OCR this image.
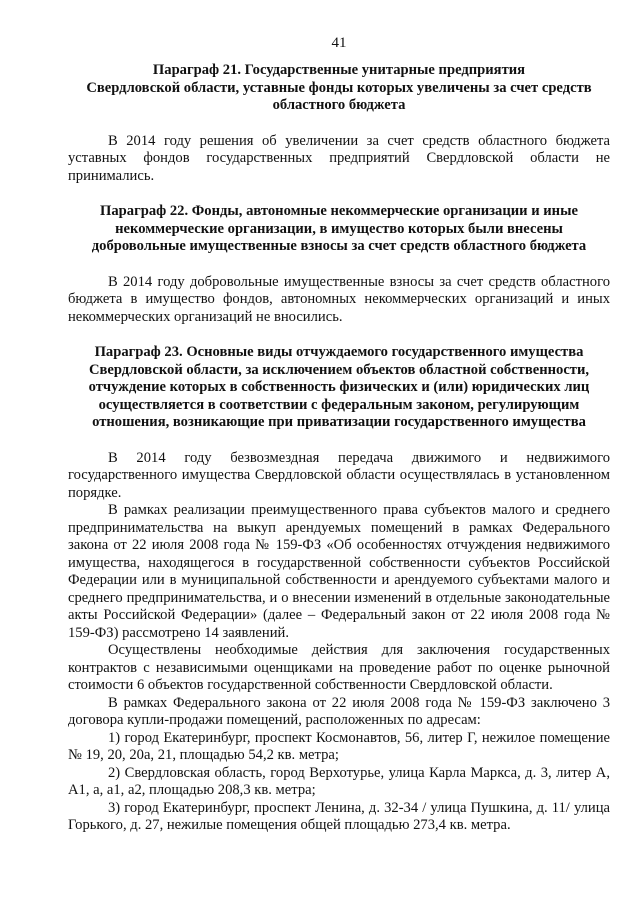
41

Параграф 21. Государственные унитарные предприятия
Свердловской области, уставные фонды которых увеличены за счет средств
областного бюджета

В 2014 году решения об увеличении за счет средств областного бюджета уставных фондов государственных предприятий Свердловской области не принимались.

Параграф 22. Фонды, автономные некоммерческие организации и иные
некоммерческие организации, в имущество которых были внесены
добровольные имущественные взносы за счет средств областного бюджета

В 2014 году добровольные имущественные взносы за счет средств областного бюджета в имущество фондов, автономных некоммерческих организаций и иных некоммерческих организаций не вносились.

Параграф 23. Основные виды отчуждаемого государственного имущества
Свердловской области, за исключением объектов областной собственности,
отчуждение которых в собственность физических и (или) юридических лиц
осуществляется в соответствии с федеральным законом, регулирующим
отношения, возникающие при приватизации государственного имущества

В 2014 году безвозмездная передача движимого и недвижимого государственного имущества Свердловской области осуществлялась в установленном порядке.

В рамках реализации преимущественного права субъектов малого и среднего предпринимательства на выкуп арендуемых помещений в рамках Федерального закона от 22 июля 2008 года № 159-ФЗ «Об особенностях отчуждения недвижимого имущества, находящегося в государственной собственности субъектов Российской Федерации или в муниципальной собственности и арендуемого субъектами малого и среднего предпринимательства, и о внесении изменений в отдельные законодательные акты Российской Федерации» (далее – Федеральный закон от 22 июля 2008 года № 159-ФЗ) рассмотрено 14 заявлений.

Осуществлены необходимые действия для заключения государственных контрактов с независимыми оценщиками на проведение работ по оценке рыночной стоимости 6 объектов государственной собственности Свердловской области.

В рамках Федерального закона от 22 июля 2008 года № 159-ФЗ заключено 3 договора купли-продажи помещений, расположенных по адресам:

1) город Екатеринбург, проспект Космонавтов, 56, литер Г, нежилое помещение № 19, 20, 20а, 21, площадью 54,2 кв. метра;

2) Свердловская область, город Верхотурье, улица Карла Маркса, д. 3, литер А, А1, а, а1, а2, площадью 208,3 кв. метра;

3) город Екатеринбург, проспект Ленина, д. 32-34 / улица Пушкина, д. 11/ улица Горького, д. 27, нежилые помещения общей площадью 273,4 кв. метра.
